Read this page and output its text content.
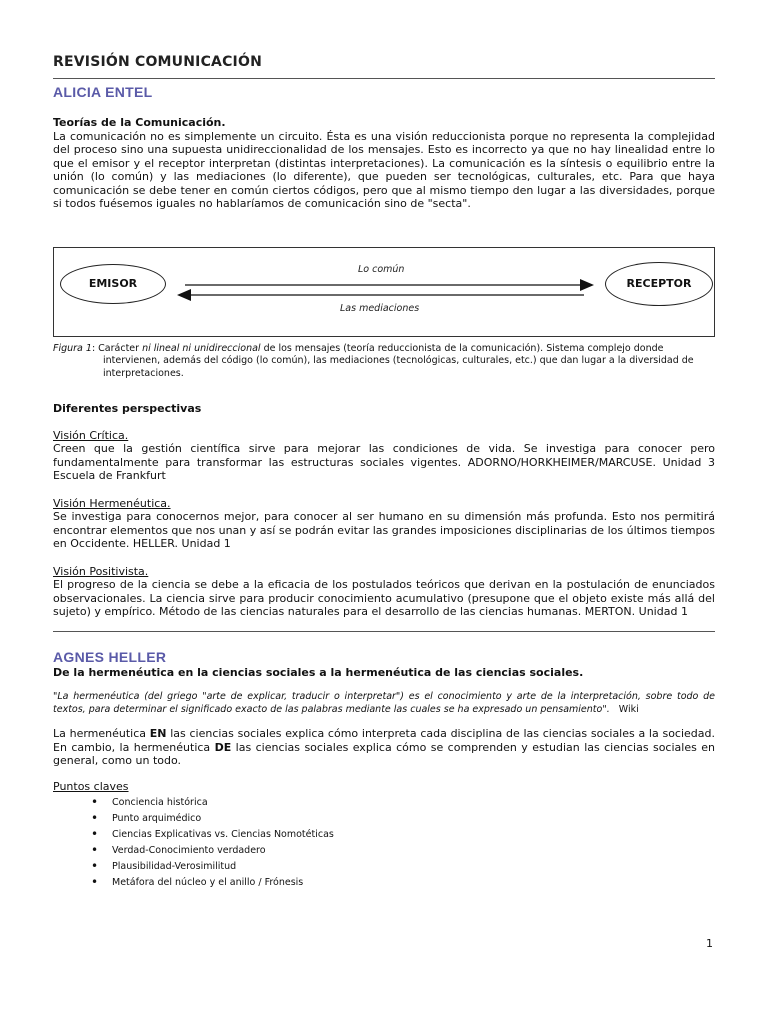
REVISIÓN COMUNICACIÓN
ALICIA ENTEL
Teorías de la Comunicación.

La comunicación no es simplemente un circuito. Ésta es una visión reduccionista porque no representa la complejidad del proceso sino una supuesta unidireccionalidad de los mensajes. Esto es incorrecto ya que no hay linealidad entre lo que el emisor y el receptor interpretan (distintas interpretaciones). La comunicación es la síntesis o equilibrio entre la unión (lo común) y las mediaciones (lo diferente), que pueden ser tecnológicas, culturales, etc. Para que haya comunicación se debe tener en común ciertos códigos, pero que al mismo tiempo den lugar a las diversidades, porque si todos fuésemos iguales no hablaríamos de comunicación sino de "secta".

EMISOR	RECEPTOR
Lo común
Las mediaciones
Figura 1: Carácter ni lineal ni unidireccional de los mensajes (teoría reduccionista de la comunicación). Sistema complejo donde intervienen, además del código (lo común), las mediaciones (tecnológicas, culturales, etc.) que dan lugar a la diversidad de interpretaciones.
Diferentes perspectivas
Visión Crítica.

Creen que la gestión científica sirve para mejorar las condiciones de vida. Se investiga para conocer pero fundamentalmente para transformar las estructuras sociales vigentes. ADORNO/HORKHEIMER/MARCUSE. Unidad 3 Escuela de Frankfurt

Visión Hermenéutica.

Se investiga para conocernos mejor, para conocer al ser humano en su dimensión más profunda. Esto nos permitirá encontrar elementos que nos unan y así se podrán evitar las grandes imposiciones disciplinarias de los últimos tiempos en Occidente. HELLER. Unidad 1

Visión Positivista.

El progreso de la ciencia se debe a la eficacia de los postulados teóricos que derivan en la postulación de enunciados observacionales. La ciencia sirve para producir conocimiento acumulativo (presupone que el objeto existe más allá del sujeto) y empírico. Método de las ciencias naturales para el desarrollo de las ciencias humanas. MERTON. Unidad 1

AGNES HELLER
De la hermenéutica en la ciencias sociales a la hermenéutica de las ciencias sociales.

"La hermenéutica (del griego "arte de explicar, traducir o interpretar") es el conocimiento y arte de la interpretación, sobre todo de textos, para determinar el significado exacto de las palabras mediante las cuales se ha expresado un pensamiento". Wiki

La hermenéutica EN las ciencias sociales explica cómo interpreta cada disciplina de las ciencias sociales a la sociedad. En cambio, la hermenéutica DE las ciencias sociales explica cómo se comprenden y estudian las ciencias sociales en general, como un todo.

Puntos claves
• Conciencia histórica
• Punto arquimédico
• Ciencias Explicativas vs. Ciencias Nomotéticas
• Verdad-Conocimiento verdadero
• Plausibilidad-Verosimilitud
• Metáfora del núcleo y el anillo / Frónesis
1
